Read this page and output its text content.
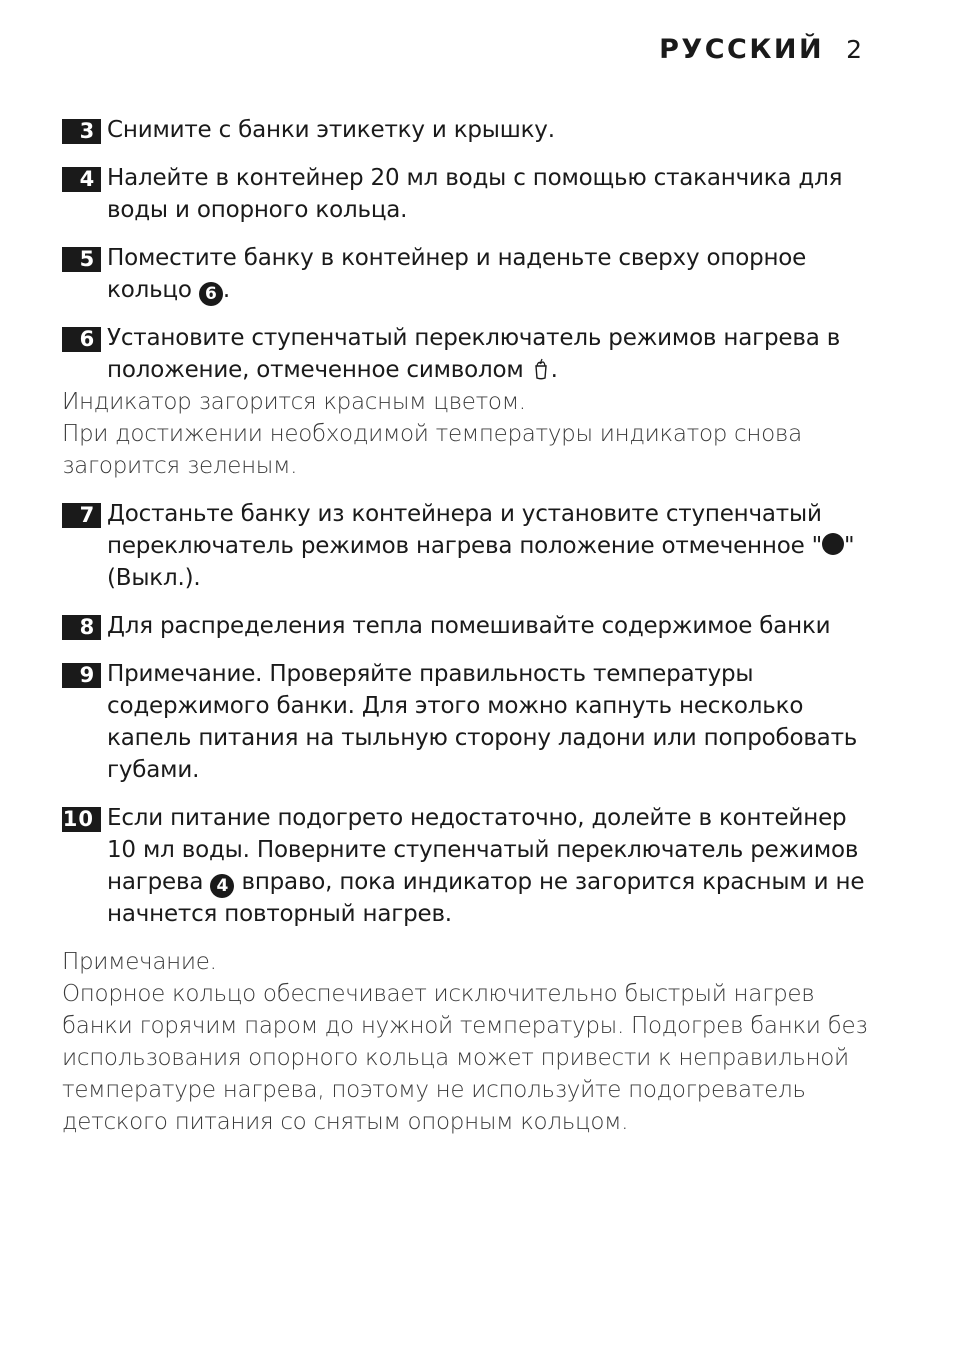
РУССКИЙ 2
3 Снимите с банки этикетку и крышку.
4 Налейте в контейнер 20 мл воды с помощью стаканчика для
воды и опорного кольца.
5 Поместите банку в контейнер и наденьте сверху опорное
кольцо 6 .
6 Установите ступенчатый переключатель режимов нагрева в
положение, отмеченное символом .
Индикатор загорится красным цветом.
При достижении необходимой температуры индикатор снова
загорится зеленым.
7 Достаньте банку из контейнера и установите ступенчатый
переключатель режимов нагрева положение отмеченное " "
(Выкл.).
8 Для распределения тепла помешивайте содержимое банки
9 Примечание. Проверяйте правильность температуры
содержимого банки. Для этого можно капнуть несколько
капель питания на тыльную сторону ладони или попробовать
губами.
10 Если питание подогрето недостаточно, долейте в контейнер
10 мл воды. Поверните ступенчатый переключатель режимов
нагрева 4 вправо, пока индикатор не загорится красным и не
начнется повторный нагрев.
Примечание.
Опорное кольцо обеспечивает исключительно быстрый нагрев
банки горячим паром до нужной температуры. Подогрев банки без
использования опорного кольца может привести к неправильной
температуре нагрева, поэтому не используйте подогреватель
детского питания со снятым опорным кольцом.
